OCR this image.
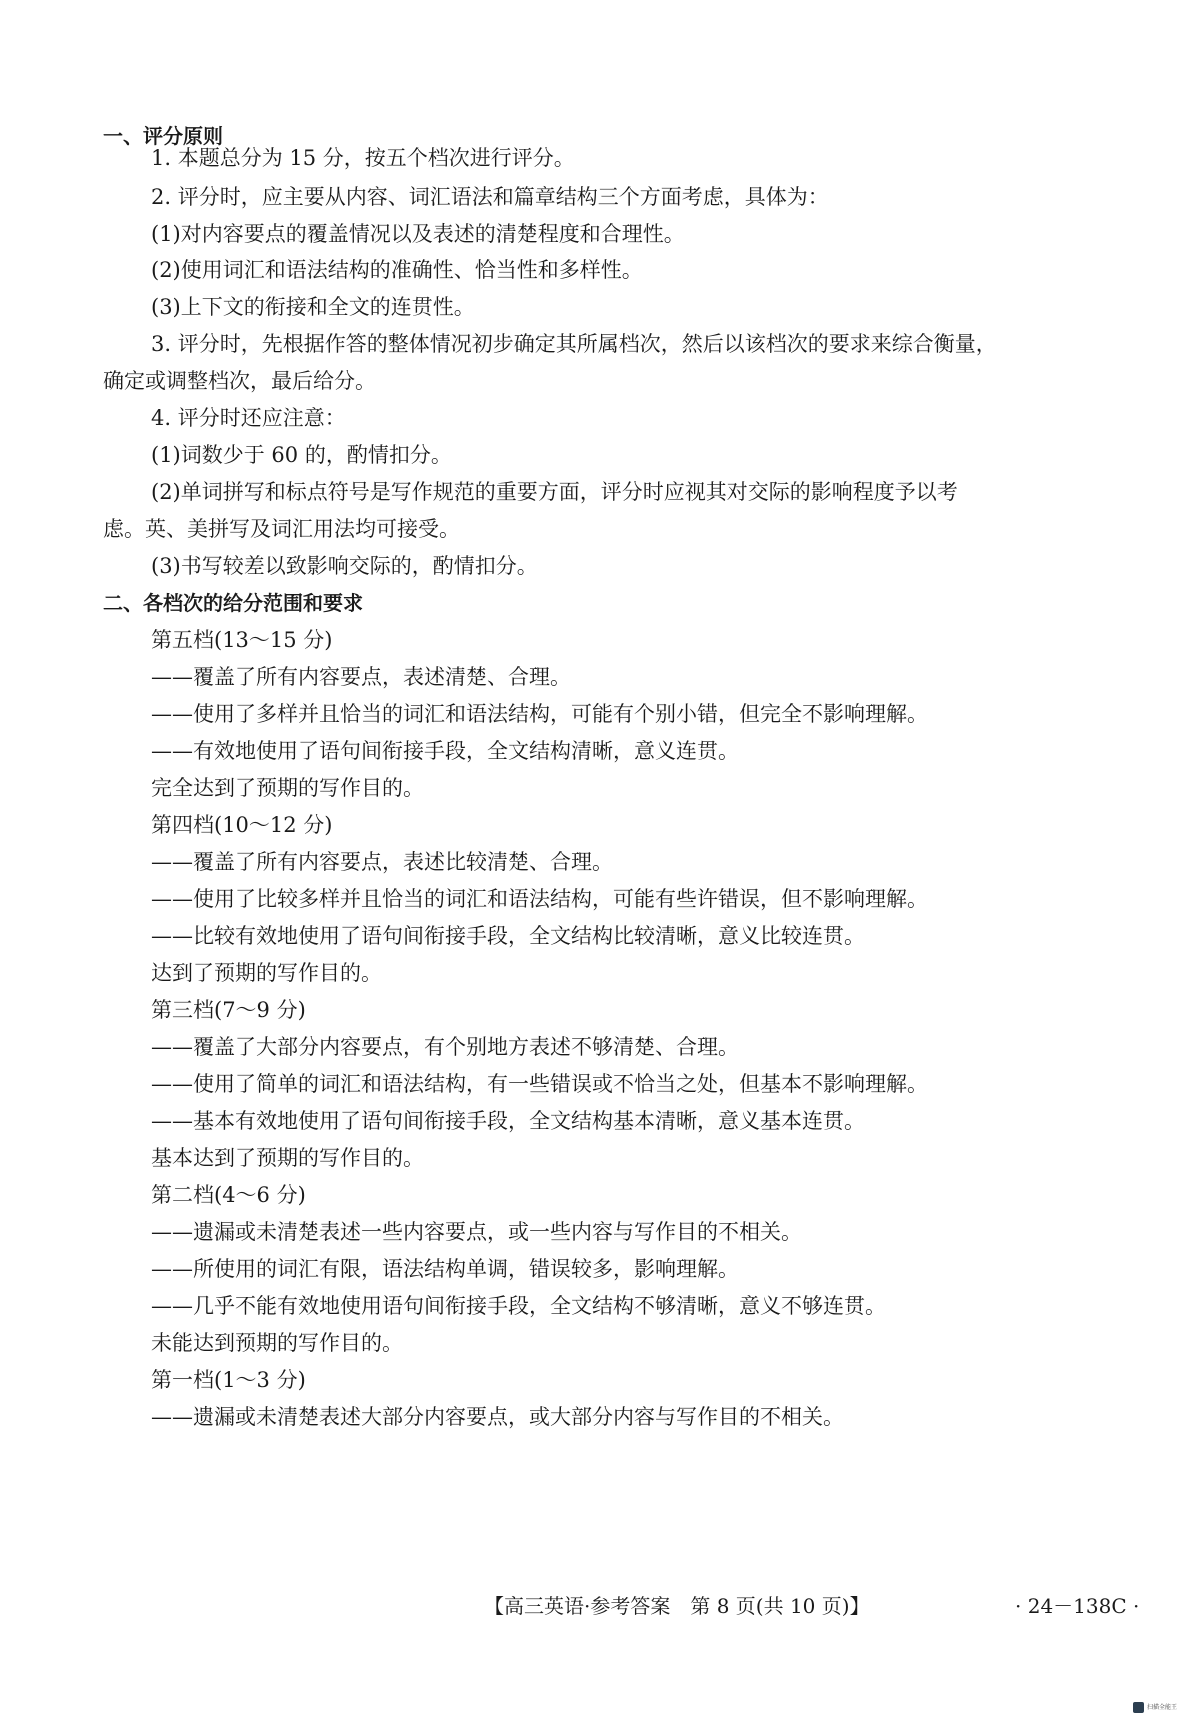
一、评分原则
1. 本题总分为 15 分，按五个档次进行评分。
2. 评分时，应主要从内容、词汇语法和篇章结构三个方面考虑，具体为：
(1)对内容要点的覆盖情况以及表述的清楚程度和合理性。
(2)使用词汇和语法结构的准确性、恰当性和多样性。
(3)上下文的衔接和全文的连贯性。
3. 评分时，先根据作答的整体情况初步确定其所属档次，然后以该档次的要求来综合衡量，
确定或调整档次，最后给分。
4. 评分时还应注意：
(1)词数少于 60 的，酌情扣分。
(2)单词拼写和标点符号是写作规范的重要方面，评分时应视其对交际的影响程度予以考
虑。英、美拼写及词汇用法均可接受。
(3)书写较差以致影响交际的，酌情扣分。
二、各档次的给分范围和要求
第五档(13～15 分)
——覆盖了所有内容要点，表述清楚、合理。
——使用了多样并且恰当的词汇和语法结构，可能有个别小错，但完全不影响理解。
——有效地使用了语句间衔接手段，全文结构清晰，意义连贯。
完全达到了预期的写作目的。
第四档(10～12 分)
——覆盖了所有内容要点，表述比较清楚、合理。
——使用了比较多样并且恰当的词汇和语法结构，可能有些许错误，但不影响理解。
——比较有效地使用了语句间衔接手段，全文结构比较清晰，意义比较连贯。
达到了预期的写作目的。
第三档(7～9 分)
——覆盖了大部分内容要点，有个别地方表述不够清楚、合理。
——使用了简单的词汇和语法结构，有一些错误或不恰当之处，但基本不影响理解。
——基本有效地使用了语句间衔接手段，全文结构基本清晰，意义基本连贯。
基本达到了预期的写作目的。
第二档(4～6 分)
——遗漏或未清楚表述一些内容要点，或一些内容与写作目的不相关。
——所使用的词汇有限，语法结构单调，错误较多，影响理解。
——几乎不能有效地使用语句间衔接手段，全文结构不够清晰，意义不够连贯。
未能达到预期的写作目的。
第一档(1～3 分)
——遗漏或未清楚表述大部分内容要点，或大部分内容与写作目的不相关。
【高三英语·参考答案　第 8 页(共 10 页)】	· 24－138C ·
扫描全能王
